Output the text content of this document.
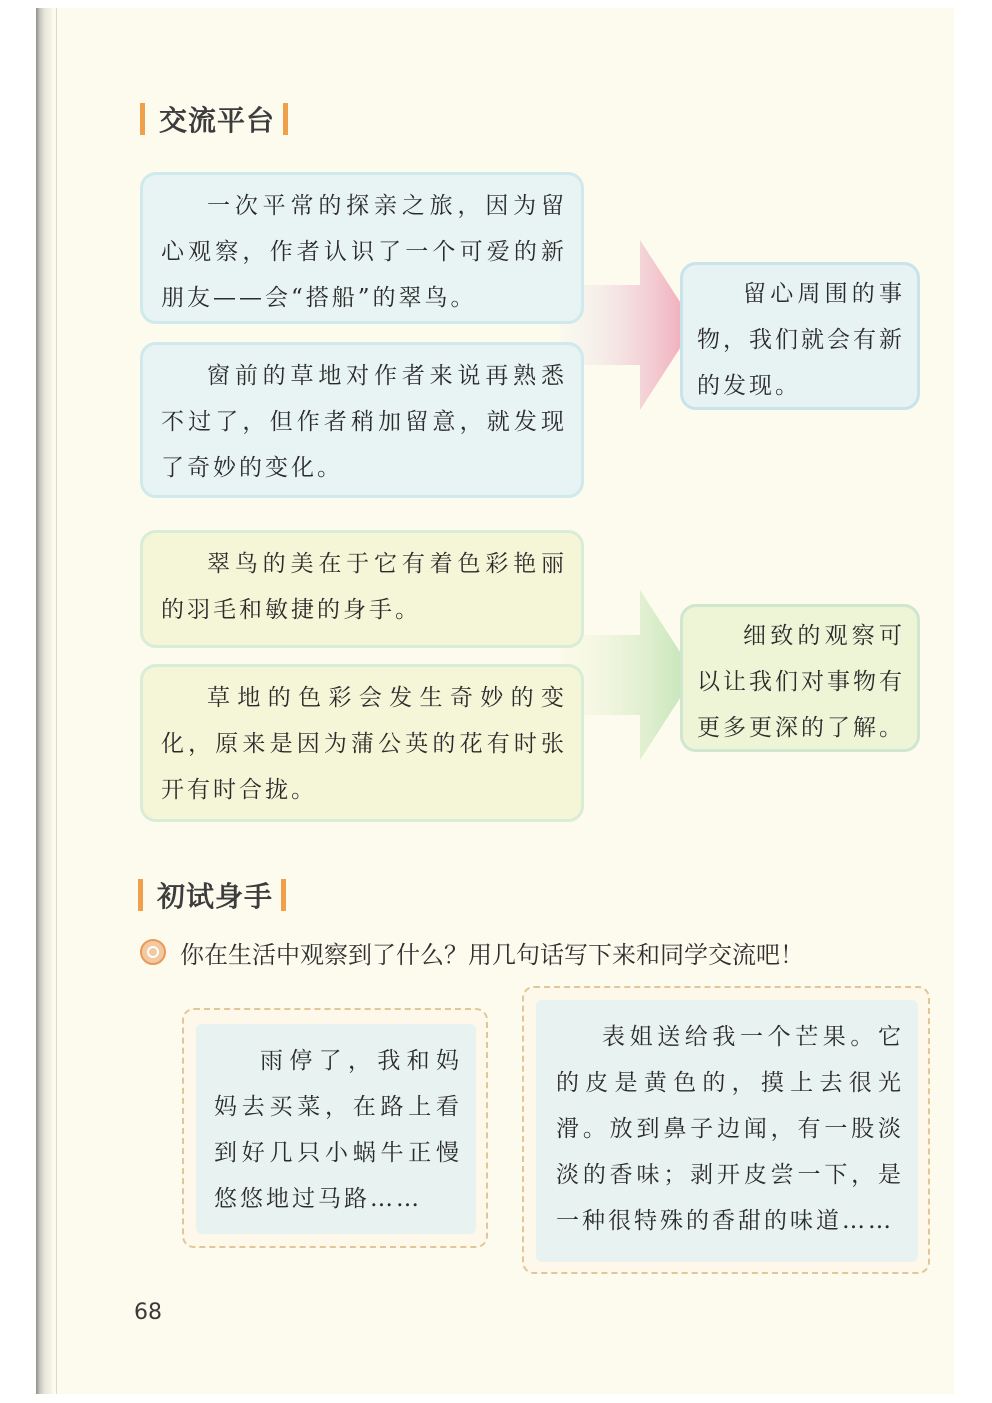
交流平台

一次平常的探亲之旅，因为留心观察，作者认识了一个可爱的新朋友——会“搭船”的翠鸟。

窗前的草地对作者来说再熟悉不过了，但作者稍加留意，就发现了奇妙的变化。

留心周围的事物，我们就会有新的发现。

翠鸟的美在于它有着色彩艳丽的羽毛和敏捷的身手。

草地的色彩会发生奇妙的变化，原来是因为蒲公英的花有时张开有时合拢。

细致的观察可以让我们对事物有更多更深的了解。

初试身手
你在生活中观察到了什么？用几句话写下来和同学交流吧！

雨停了，我和妈妈去买菜，在路上看到好几只小蜗牛正慢悠悠地过马路……

表姐送给我一个芒果。它的皮是黄色的，摸上去很光滑。放到鼻子边闻，有一股淡淡的香味；剥开皮尝一下，是一种很特殊的香甜的味道……

68
